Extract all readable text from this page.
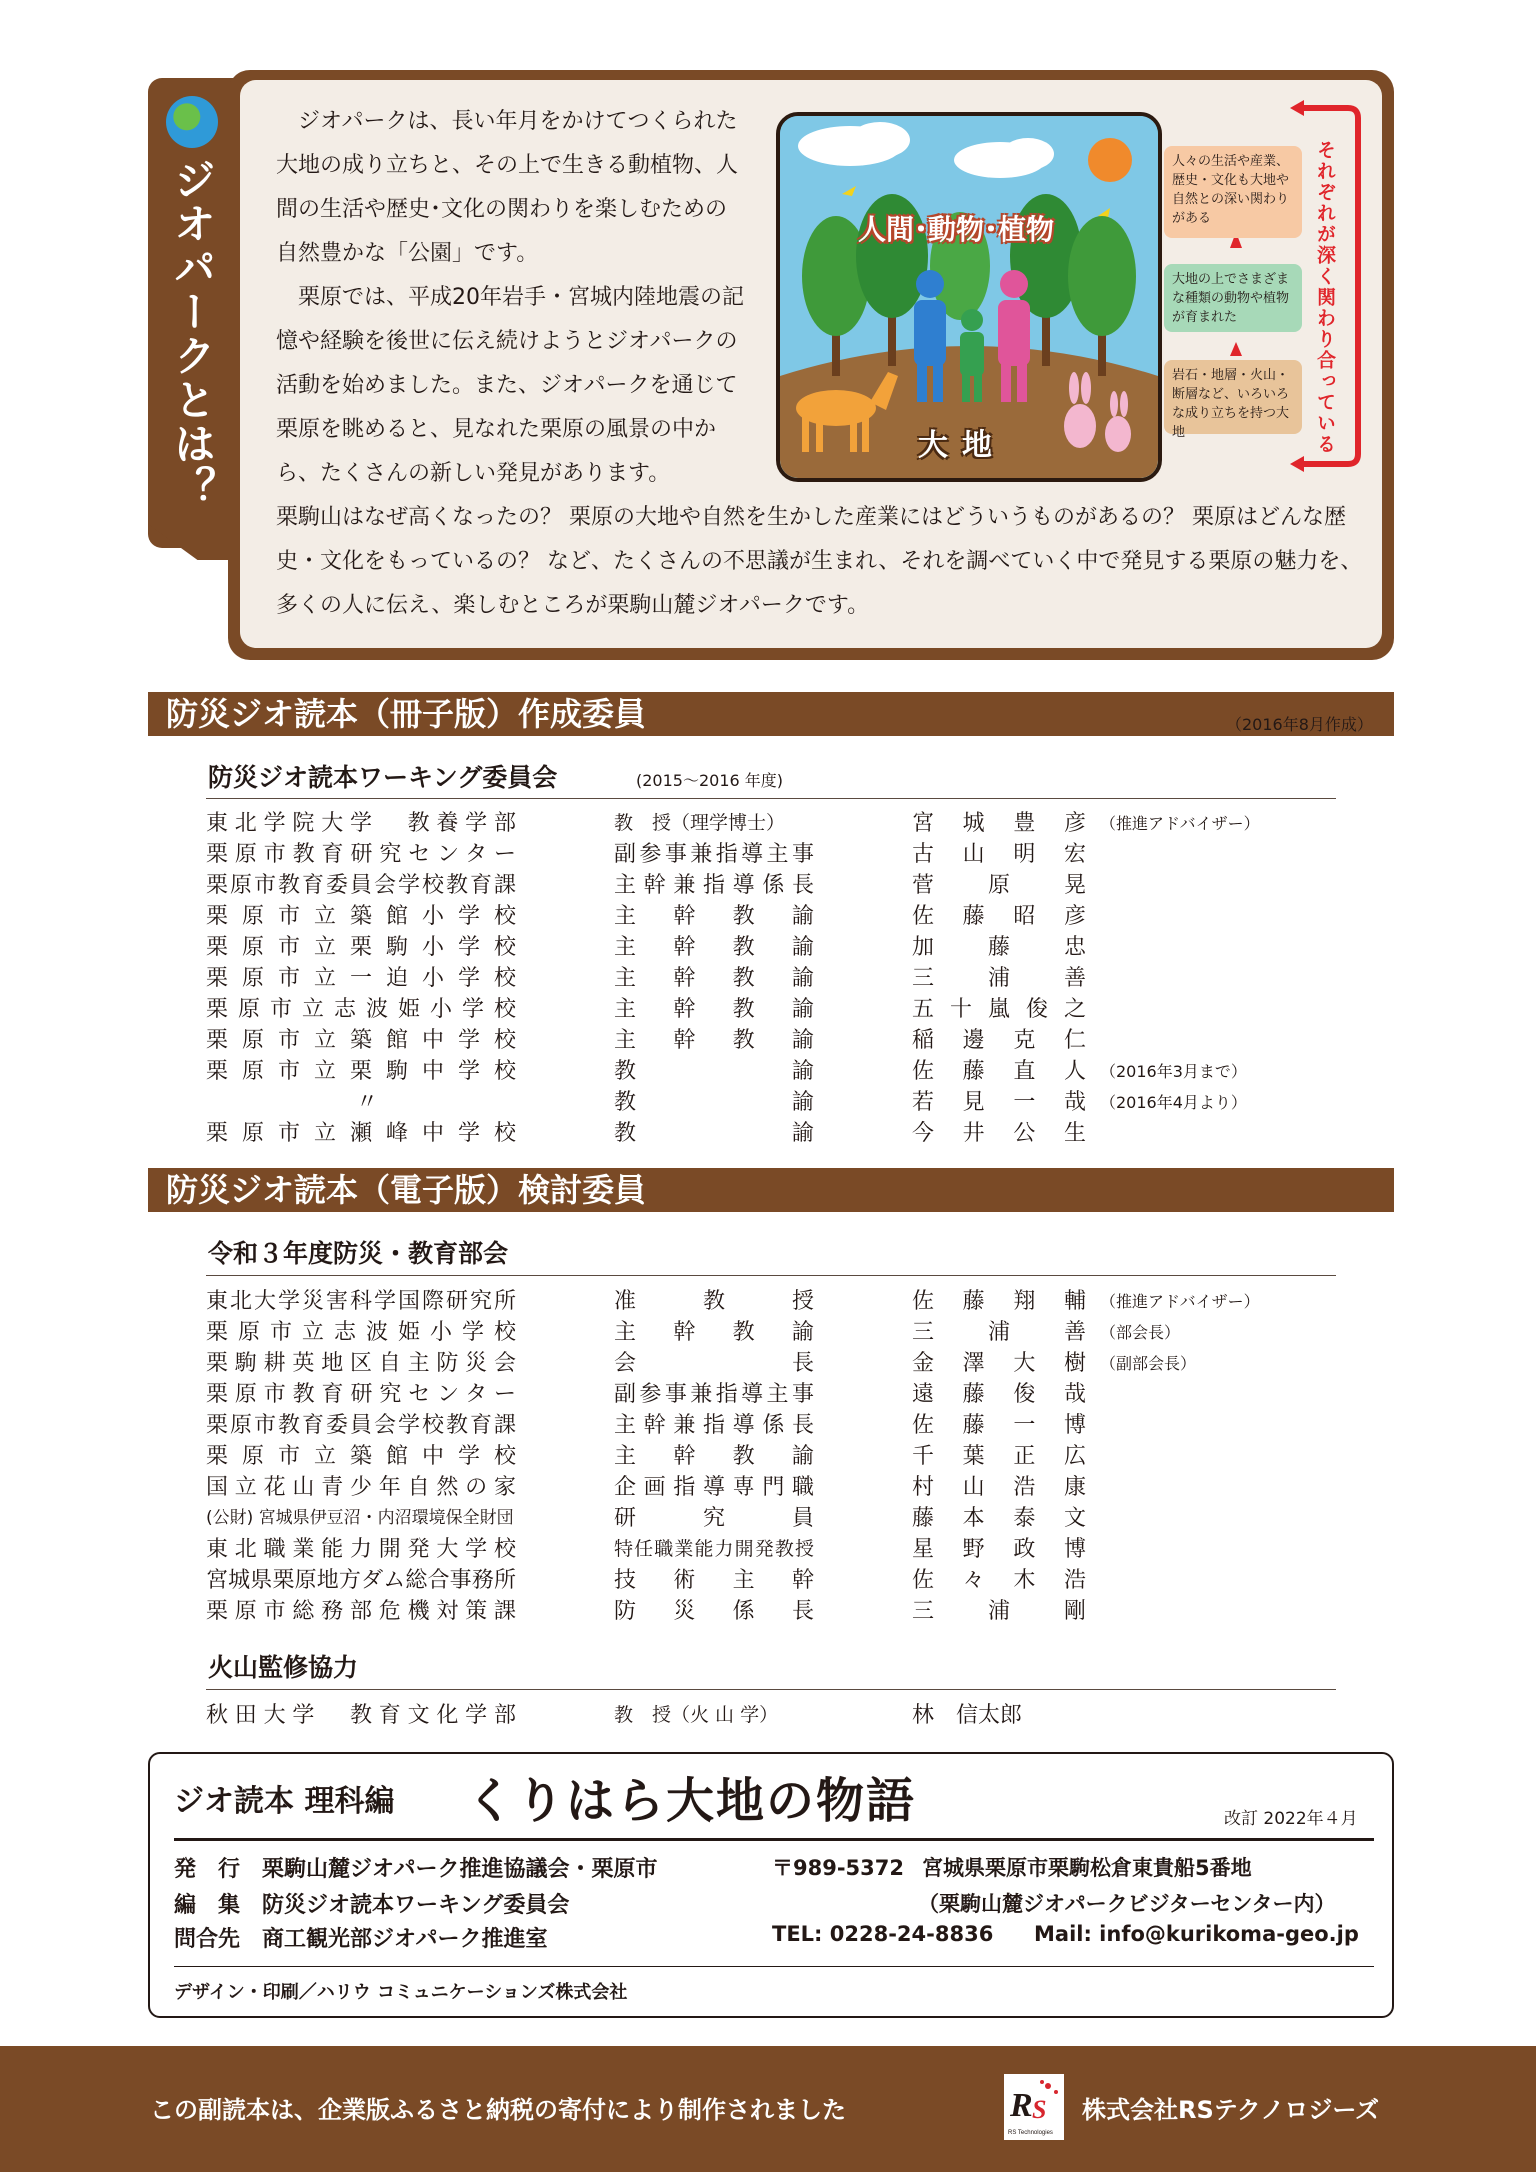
ジオパークとは？
ジオパークは、長い年月をかけてつくられた大地の成り立ちと、その上で生きる動植物、人間の生活や歴史･文化の関わりを楽しむための自然豊かな「公園」です。
栗原では、平成20年岩手・宮城内陸地震の記憶や経験を後世に伝え続けようとジオパークの活動を始めました。また、ジオパークを通じて栗原を眺めると、見なれた栗原の風景の中から、たくさんの新しい発見があります。
栗駒山はなぜ高くなったの？ 栗原の大地や自然を生かした産業にはどういうものがあるの？ 栗原はどんな歴史・文化をもっているの？ など、たくさんの不思議が生まれ、それを調べていく中で発見する栗原の魅力を、多くの人に伝え、楽しむところが栗駒山麓ジオパークです。
人間･動物･植物
大地
人々の生活や産業、歴史・文化も大地や自然との深い関わりがある
大地の上でさまざまな種類の動物や植物が育まれた
岩石・地層・火山・断層など、いろいろな成り立ちを持つ大地	それぞれが深く関わり合っている
防災ジオ読本（冊子版）作成委員	（2016年8月作成）
防災ジオ読本ワーキング委員会	(2015～2016 年度)
東北学院大学　教養学部	教　授（理学博士）	宮城豊彦 （推進アドバイザー）
栗原市教育研究センター	副参事兼指導主事	古山明宏
栗原市教育委員会学校教育課	主幹兼指導係長	菅原晃
栗原市立築館小学校	主幹教諭	佐藤昭彦
栗原市立栗駒小学校	主幹教諭	加藤忠
栗原市立一迫小学校	主幹教諭	三浦善
栗原市立志波姫小学校	主幹教諭	五十嵐俊之
栗原市立築館中学校	主幹教諭	稲邊克仁
栗原市立栗駒中学校	教諭	佐藤直人 （2016年3月まで）
〃	教諭	若見一哉 （2016年4月より）
栗原市立瀬峰中学校	教諭	今井公生
防災ジオ読本（電子版）検討委員
令和３年度防災・教育部会
東北大学災害科学国際研究所	准教授	佐藤翔輔 （推進アドバイザー）
栗原市立志波姫小学校	主幹教諭	三浦善 （部会長）
栗駒耕英地区自主防災会	会長	金澤大樹 （副部会長）
栗原市教育研究センター	副参事兼指導主事	遠藤俊哉
栗原市教育委員会学校教育課	主幹兼指導係長	佐藤一博
栗原市立築館中学校	主幹教諭	千葉正広
国立花山青少年自然の家	企画指導専門職	村山浩康
(公財) 宮城県伊豆沼・内沼環境保全財団	研究員	藤本泰文
東北職業能力開発大学校	特任職業能力開発教授	星野政博
宮城県栗原地方ダム総合事務所	技術主幹	佐々木浩
栗原市総務部危機対策課	防災係長	三浦剛
火山監修協力
秋田大学　教育文化学部	教　授（火 山 学）	林　信太郎
ジオ読本 理科編 くりはら大地の物語	改訂 2022年４月
発　行 栗駒山麓ジオパーク推進協議会・栗原市
編　集 防災ジオ読本ワーキング委員会
問合先 商工観光部ジオパーク推進室
〒989-5372 宮城県栗原市栗駒松倉東貴船5番地
（栗駒山麓ジオパークビジターセンター内）
TEL: 0228-24-8836 Mail: info@kurikoma-geo.jp
デザイン・印刷／ハリウ コミュニケーションズ株式会社
この副読本は、企業版ふるさと納税の寄付により制作されました	R S
RS Technologies
株式会社RSテクノロジーズ
